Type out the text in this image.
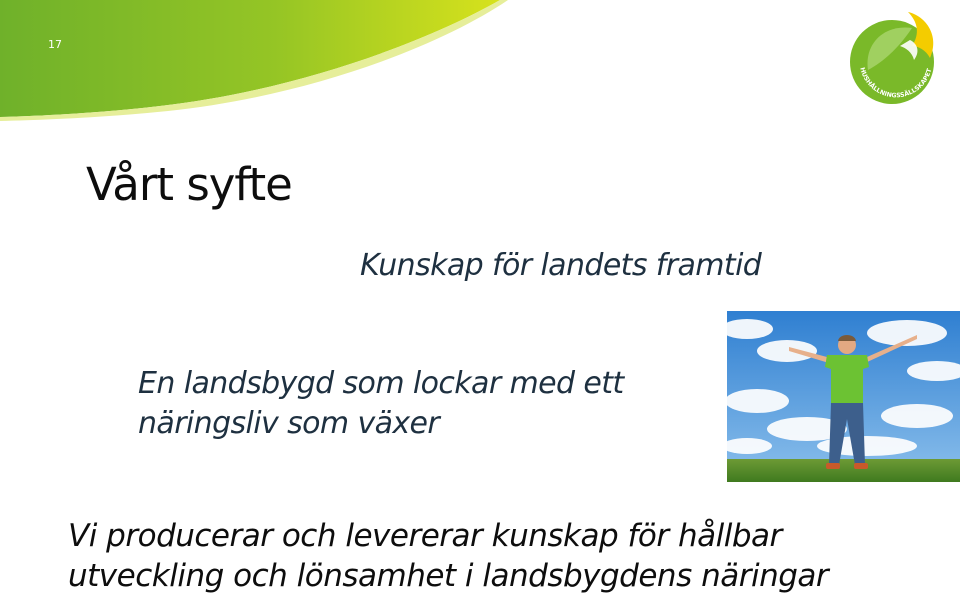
17
HUSHÅLLNINGSSÄLLSKAPET
Vårt syfte
Kunskap för landets framtid
En landsbygd som lockar med ett
näringsliv som växer
Vi producerar och levererar kunskap för hållbar
utveckling och lönsamhet i landsbygdens näringar
